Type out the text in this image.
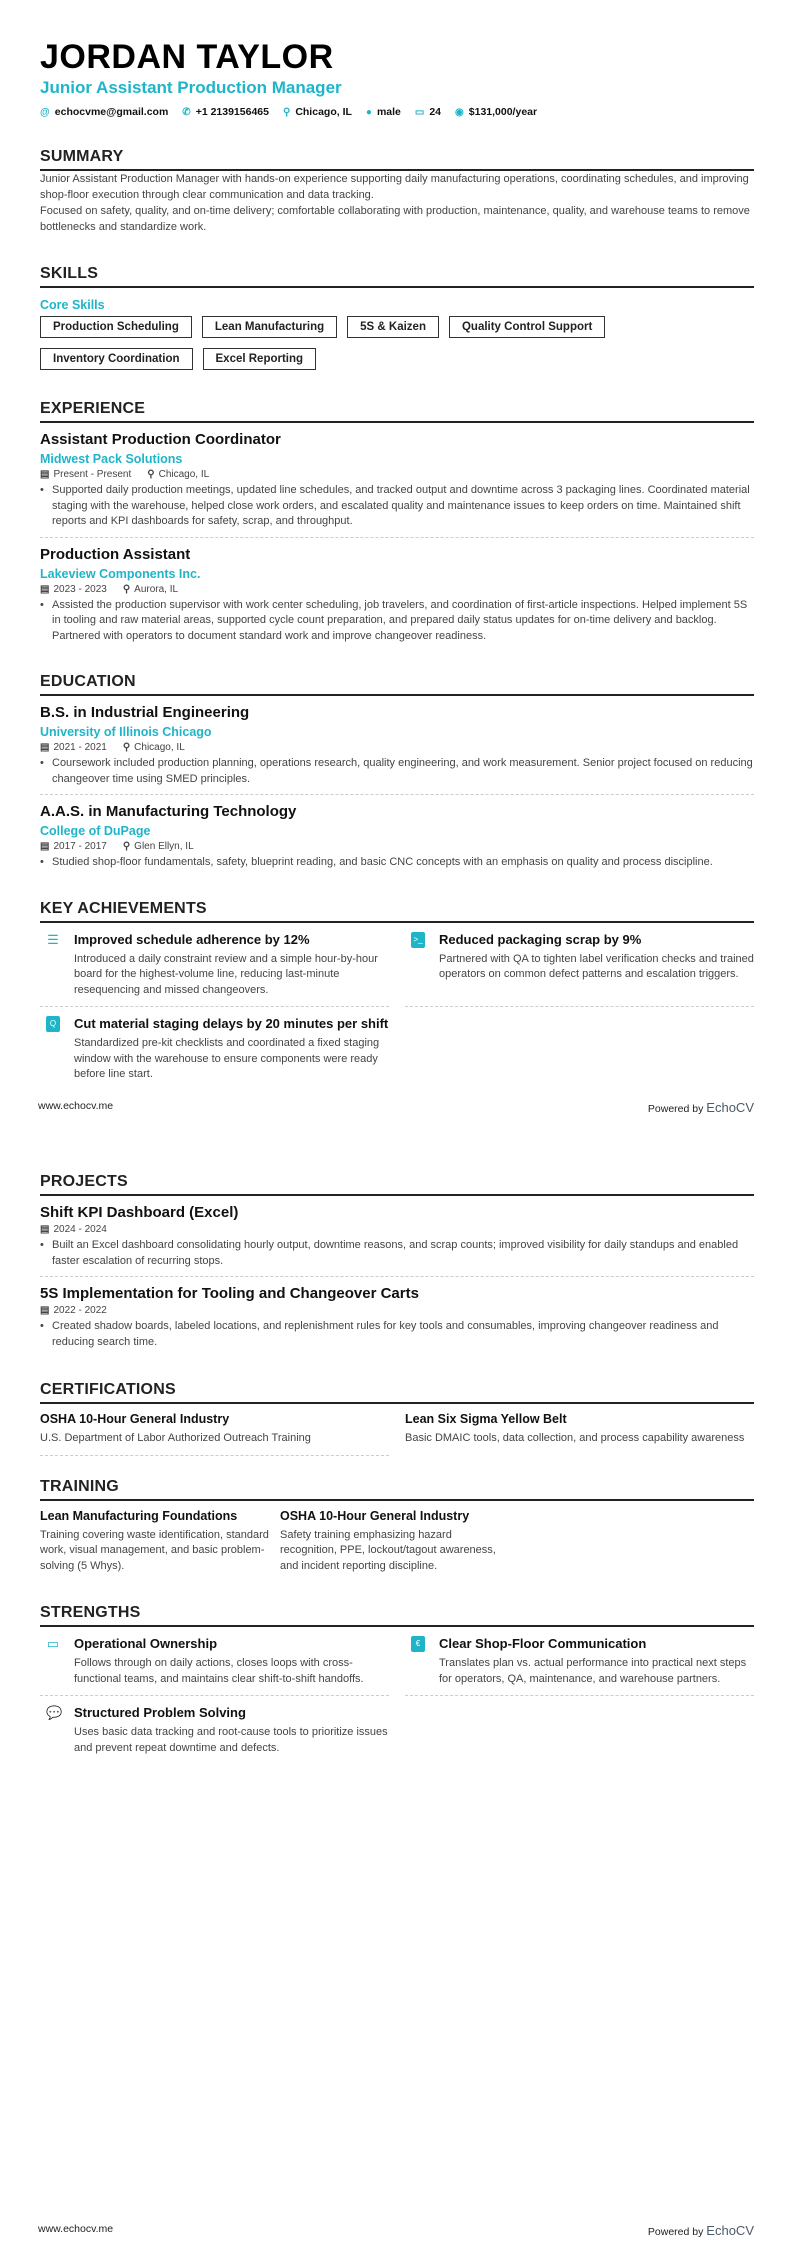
JORDAN TAYLOR
Junior Assistant Production Manager
@ echocvme@gmail.com ✆ +1 2139156465 ⚲ Chicago, IL ● male ▭ 24 ◉ $131,000/year
SUMMARY

Junior Assistant Production Manager with hands-on experience supporting daily manufacturing operations, coordinating schedules, and improving shop-floor execution through clear communication and data tracking.

Focused on safety, quality, and on-time delivery; comfortable collaborating with production, maintenance, quality, and warehouse teams to remove bottlenecks and standardize work.

SKILLS
Core Skills
Production Scheduling	Lean Manufacturing	5S & Kaizen	Quality Control Support
Inventory Coordination	Excel Reporting
EXPERIENCE
Assistant Production Coordinator
Midwest Pack Solutions
▤ Present - Present ⚲ Chicago, IL
• Supported daily production meetings, updated line schedules, and tracked output and downtime across 3 packaging lines. Coordinated material staging with the warehouse, helped close work orders, and escalated quality and maintenance issues to keep orders on time. Maintained shift reports and KPI dashboards for safety, scrap, and throughput.
Production Assistant
Lakeview Components Inc.
▤ 2023 - 2023 ⚲ Aurora, IL
• Assisted the production supervisor with work center scheduling, job travelers, and coordination of first-article inspections. Helped implement 5S in tooling and raw material areas, supported cycle count preparation, and prepared daily status updates for on-time delivery and backlog. Partnered with operators to document standard work and improve changeover readiness.
EDUCATION
B.S. in Industrial Engineering
University of Illinois Chicago
▤ 2021 - 2021 ⚲ Chicago, IL
• Coursework included production planning, operations research, quality engineering, and work measurement. Senior project focused on reducing changeover time using SMED principles.
A.A.S. in Manufacturing Technology
College of DuPage
▤ 2017 - 2017 ⚲ Glen Ellyn, IL
• Studied shop-floor fundamentals, safety, blueprint reading, and basic CNC concepts with an emphasis on quality and process discipline.
KEY ACHIEVEMENTS
☰ Improved schedule adherence by 12%

Introduced a daily constraint review and a simple hour-by-hour board for the highest-volume line, reducing last-minute resequencing and missed changeovers.

>_ Reduced packaging scrap by 9%

Partnered with QA to tighten label verification checks and trained operators on common defect patterns and escalation triggers.

Q Cut material staging delays by 20 minutes per shift

Standardized pre-kit checklists and coordinated a fixed staging window with the warehouse to ensure components were ready before line start.

www.echocv.me	Powered by EchoCV
PROJECTS
Shift KPI Dashboard (Excel)
▤ 2024 - 2024
• Built an Excel dashboard consolidating hourly output, downtime reasons, and scrap counts; improved visibility for daily standups and enabled faster escalation of recurring stops.
5S Implementation for Tooling and Changeover Carts
▤ 2022 - 2022
• Created shadow boards, labeled locations, and replenishment rules for key tools and consumables, improving changeover readiness and reducing search time.
CERTIFICATIONS
OSHA 10-Hour General Industry

U.S. Department of Labor Authorized Outreach Training

Lean Six Sigma Yellow Belt

Basic DMAIC tools, data collection, and process capability awareness

TRAINING
Lean Manufacturing Foundations

Training covering waste identification, standard work, visual management, and basic problem-solving (5 Whys).

OSHA 10-Hour General Industry

Safety training emphasizing hazard recognition, PPE, lockout/tagout awareness, and incident reporting discipline.

STRENGTHS
▭ Operational Ownership

Follows through on daily actions, closes loops with cross-functional teams, and maintains clear shift-to-shift handoffs.

€	Clear Shop-Floor Communication

Translates plan vs. actual performance into practical next steps for operators, QA, maintenance, and warehouse partners.

💬 Structured Problem Solving

Uses basic data tracking and root-cause tools to prioritize issues and prevent repeat downtime and defects.

www.echocv.me	Powered by EchoCV
